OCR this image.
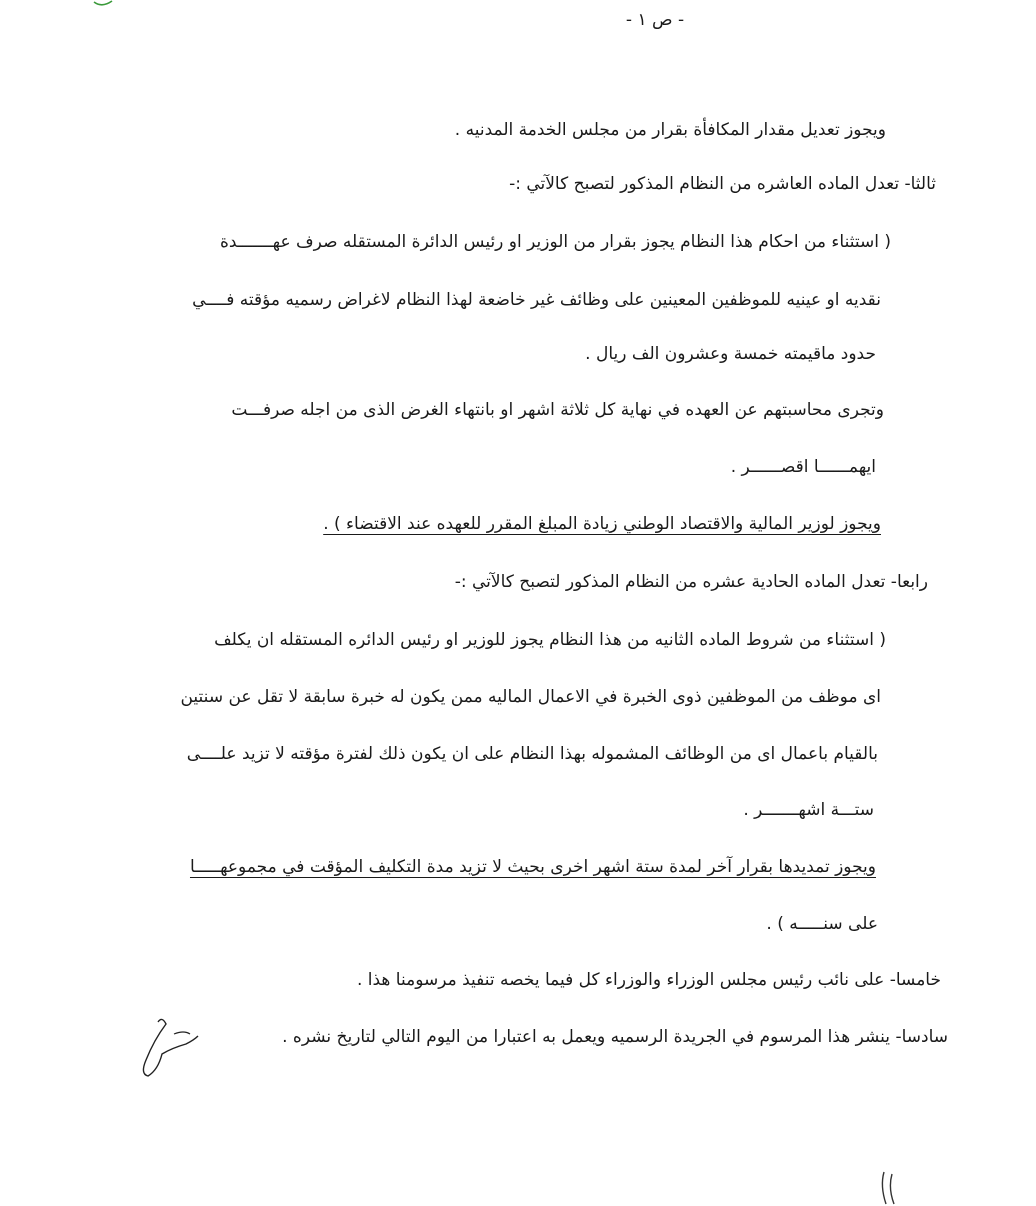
- ص ١ -
ويجوز تعديل مقدار المكافأة بقرار من مجلس الخدمة المدنيه .
ثالثا- تعدل الماده العاشره من النظام المذكور لتصبح كالآتي :-
( استثناء من احكام هذا النظام يجوز بقرار من الوزير او رئيس الدائرة المستقله صرف عهـــــــدة
نقديه او عينيه للموظفين المعينين على وظائف غير خاضعة لهذا النظام لاغراض رسميه مؤقته فــــي
حدود ماقيمته خمسة وعشرون الف ريال .
وتجرى محاسبتهم عن العهده في نهاية كل ثلاثة اشهر او بانتهاء الغرض الذى من اجله صرفـــت
ايهمــــــا اقصــــــر .
ويجوز لوزير المالية والاقتصاد الوطني زيادة المبلغ المقرر للعهده عند الاقتضاء ) .
رابعا- تعدل الماده الحادية عشره من النظام المذكور لتصبح كالآتي :-
( استثناء من شروط الماده الثانيه من هذا النظام يجوز للوزير او رئيس الدائره المستقله ان يكلف
اى موظف من الموظفين ذوى الخبرة في الاعمال الماليه ممن يكون له خبرة سابقة لا تقل عن سنتين
بالقيام باعمال اى من الوظائف المشموله بهذا النظام على ان يكون ذلك لفترة مؤقته لا تزيد علــــى
ستـــة اشهـــــــر .
ويجوز تمديدها بقرار آخر لمدة ستة اشهر اخرى بحيث لا تزيد مدة التكليف المؤقت في مجموعهـــــا
على سنـــــه ) .
خامسا- على نائب رئيس مجلس الوزراء والوزراء كل فيما يخصه تنفيذ مرسومنا هذا .
سادسا- ينشر هذا المرسوم في الجريدة الرسميه ويعمل به اعتبارا من اليوم التالي لتاريخ نشره .
